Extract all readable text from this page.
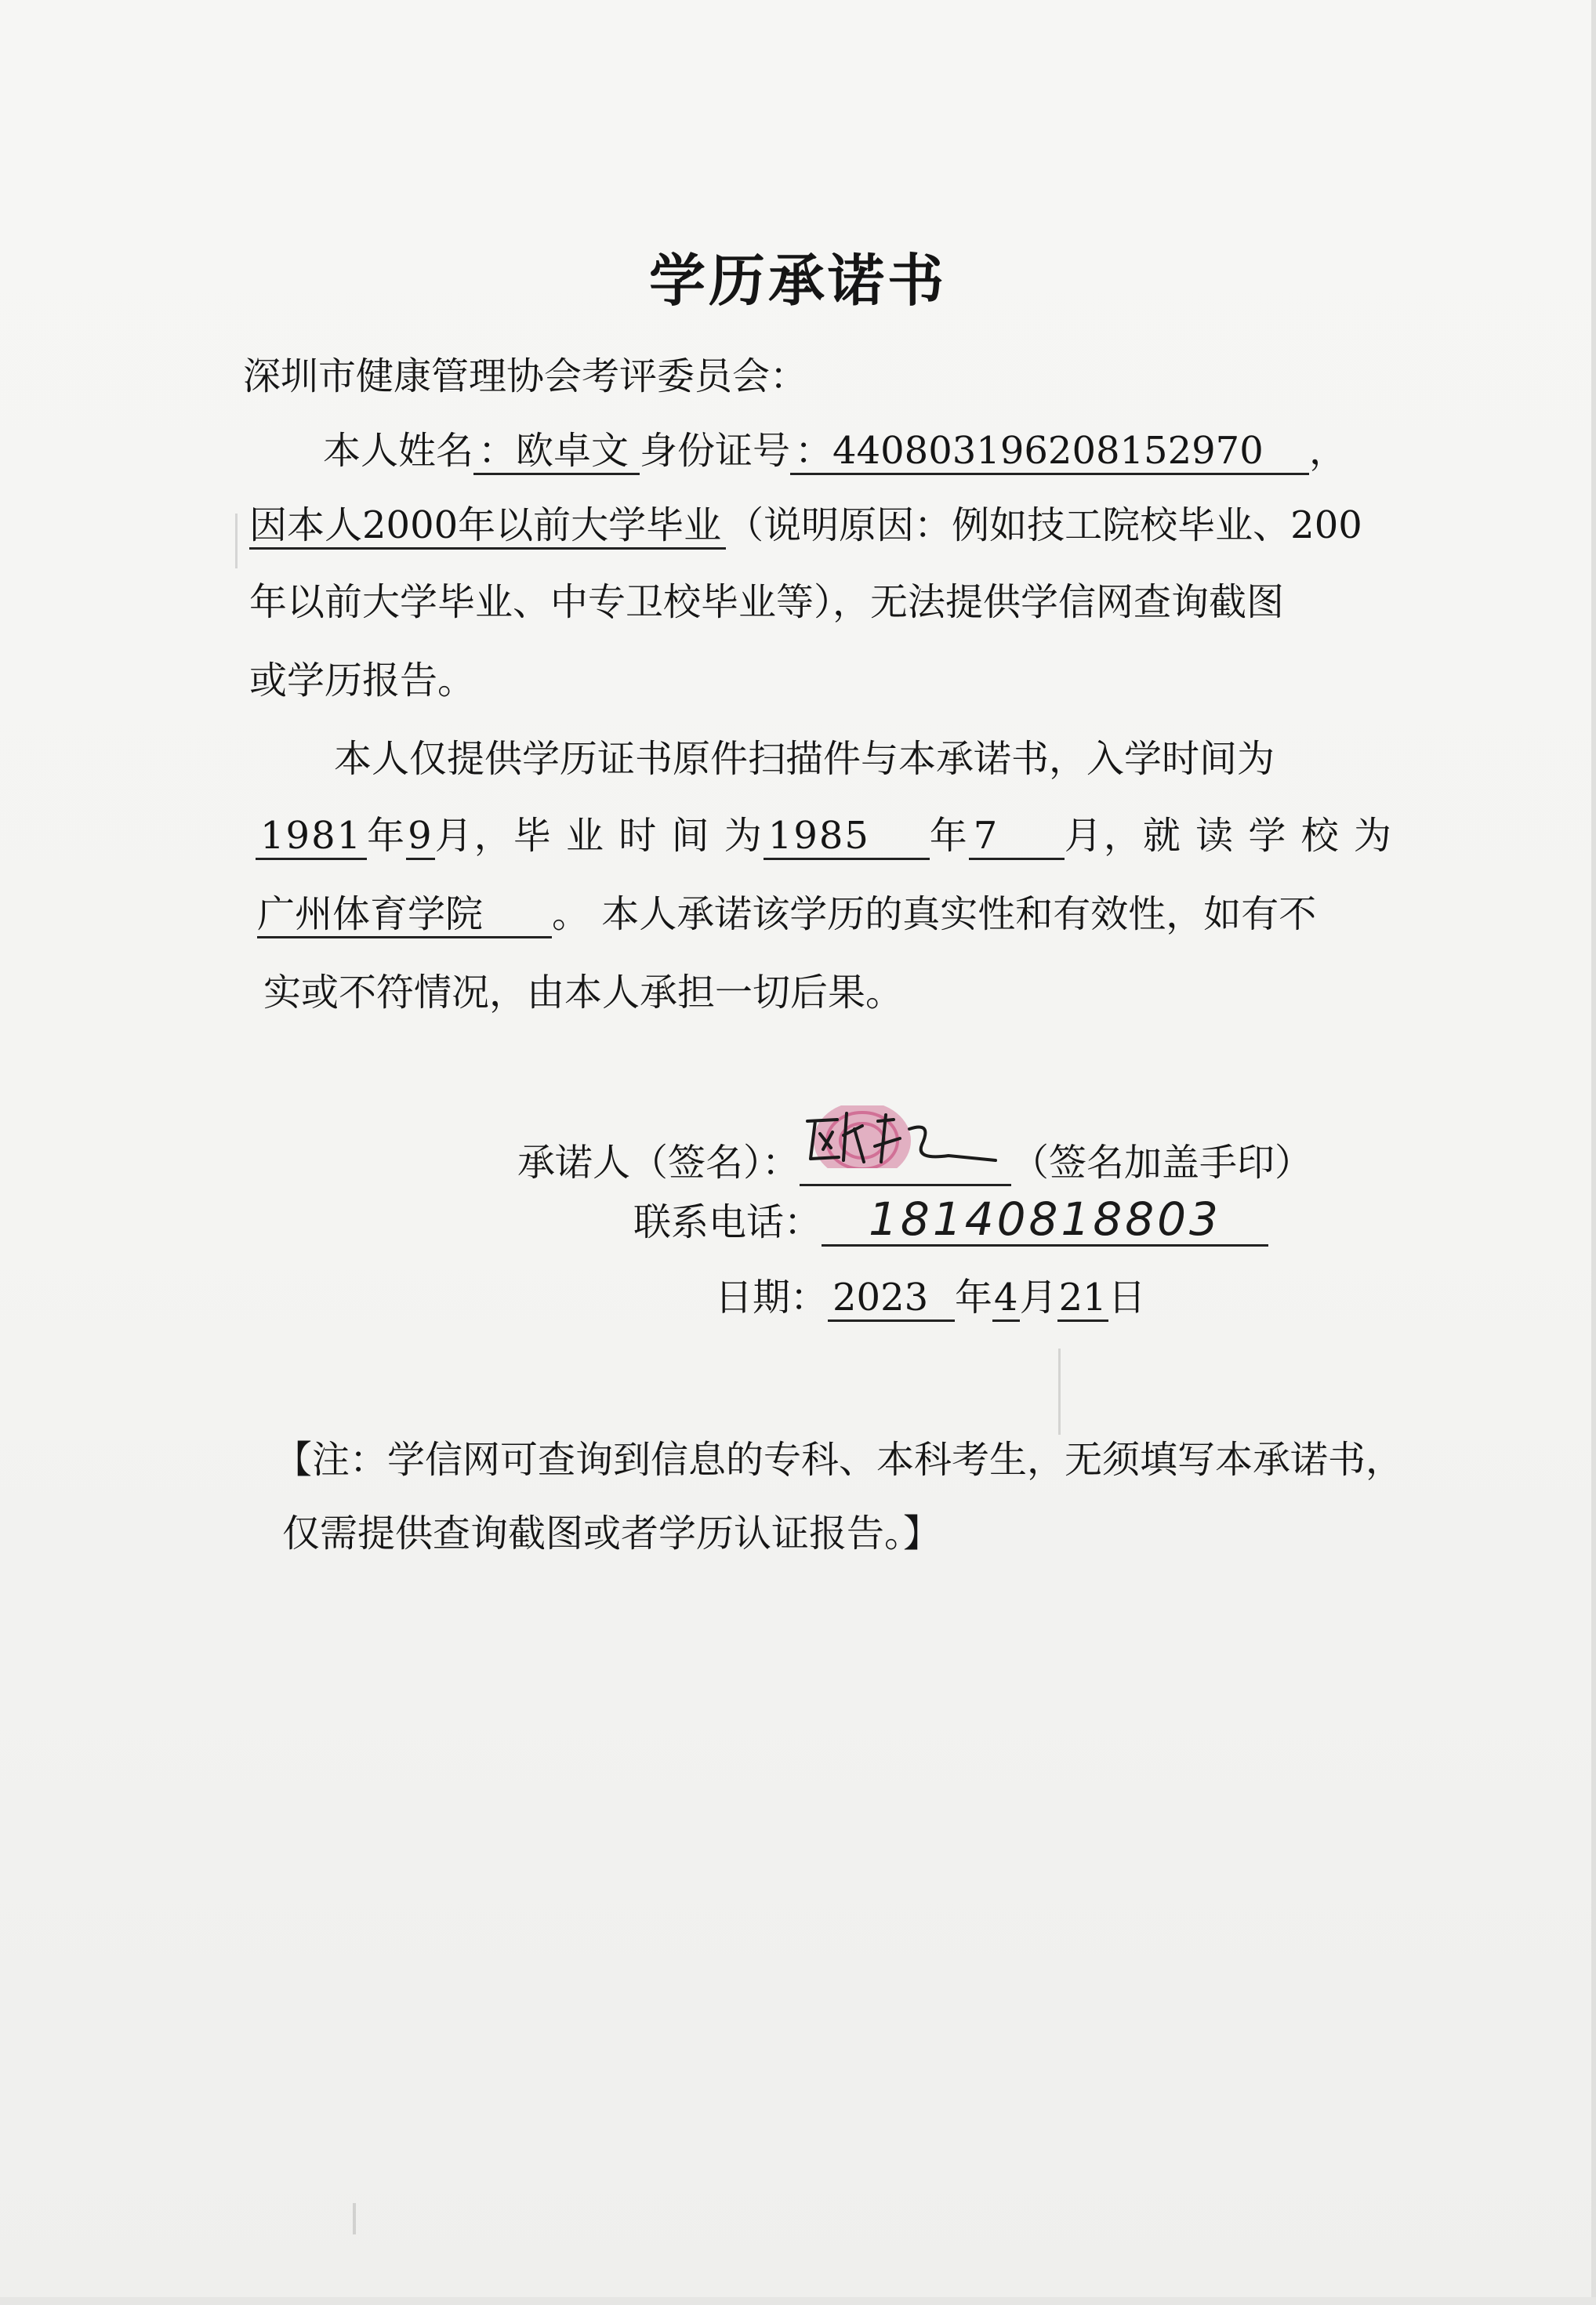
学历承诺书
深圳市健康管理协会考评委员会：
本人姓名 ：欧卓文 身份证号 ：440803196208152970 ，
因本人2000年以前大学毕业 （说明原因：例如技工院校毕业、200
年以前大学毕业、中专卫校毕业等），无法提供学信网查询截图
或学历报告。
本人仅提供学历证书原件扫描件与本承诺书，入学时间为
1981 年9月，毕 业 时 间 为 1985 年 7 月，就 读 学 校 为
广州体育学院 。 本人承诺该学历的真实性和有效性，如有不
实或不符情况，由本人承担一切后果。
承诺人（签名）：	（签名加盖手印）
联系电话： 18140818803
日期： 2023 年4月21日
【注：学信网可查询到信息的专科、本科考生，无须填写本承诺书，
仅需提供查询截图或者学历认证报告。】
